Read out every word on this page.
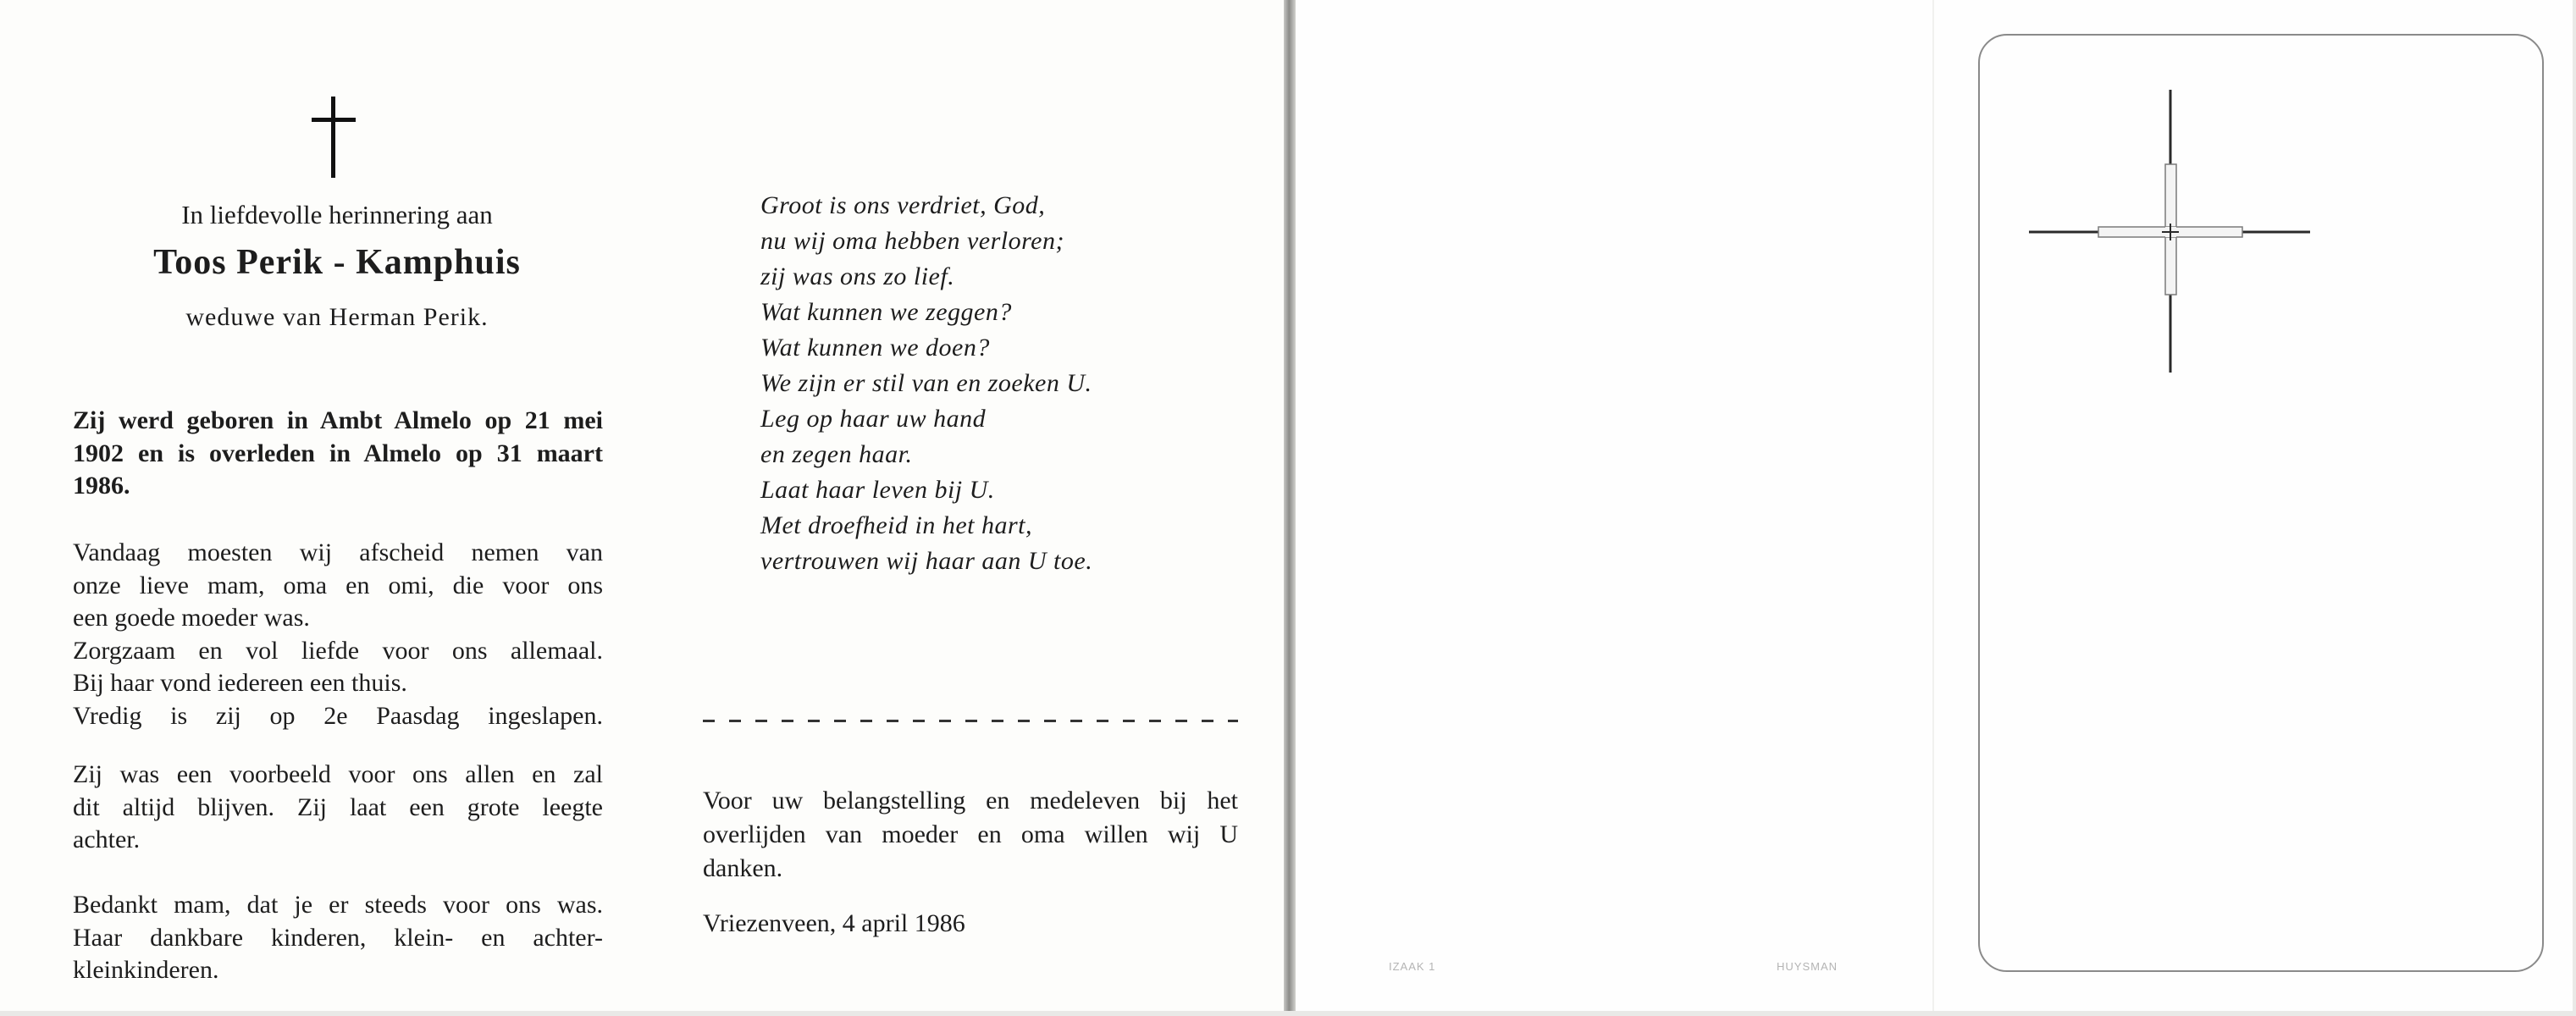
In liefdevolle herinnering aan
Toos Perik - Kamphuis
weduwe van Herman Perik.
Zij werd geboren in Ambt Almelo op 21 mei
1902 en is overleden in Almelo op 31 maart
1986.
Vandaag moesten wij afscheid nemen van
onze lieve mam, oma en omi, die voor ons
een goede moeder was.
Zorgzaam en vol liefde voor ons allemaal.
Bij haar vond iedereen een thuis.
Vredig is zij op 2e Paasdag ingeslapen.
Zij was een voorbeeld voor ons allen en zal
dit altijd blijven. Zij laat een grote leegte
achter.
Bedankt mam, dat je er steeds voor ons was.
Haar dankbare kinderen, klein- en achter-
kleinkinderen.
Groot is ons verdriet, God,
nu wij oma hebben verloren;
zij was ons zo lief.
Wat kunnen we zeggen?
Wat kunnen we doen?
We zijn er stil van en zoeken U.
Leg op haar uw hand
en zegen haar.
Laat haar leven bij U.
Met droefheid in het hart,
vertrouwen wij haar aan U toe.
Voor uw belangstelling en medeleven bij het
overlijden van moeder en oma willen wij U
danken.
Vriezenveen, 4 april 1986
IZAAK 1	HUYSMAN
